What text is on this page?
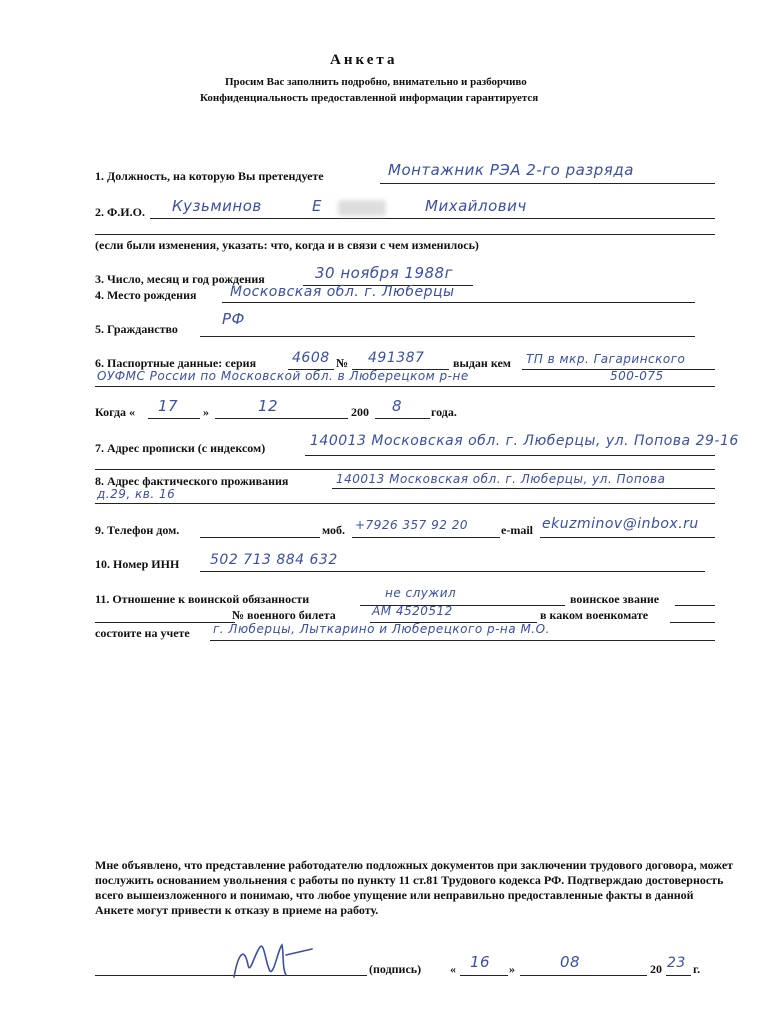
Анкета
Просим Вас заполнить подробно, внимательно и разборчиво
Конфиденциальность предоставленной информации гарантируется
1. Должность, на которую Вы претендуете	Монтажник РЭА 2-го разряда
2. Ф.И.О. Кузьминов	Е	Михайлович
(если были изменения, указать: что, когда и в связи с чем изменилось)
3. Число, месяц и год рождения	30 ноября 1988г
4. Место рождения Московская обл. г. Люберцы
5. Гражданство
РФ
6. Паспортные данные: серия	4608 № 491387 выдан кем ТП в мкр. Гагаринского
ОУФМС России по Московской обл. в Люберецком р-не	500-075
Когда « 17 »	12	200 8 года.
7. Адрес прописки (с индексом)	140013 Московская обл. г. Люберцы, ул. Попова 29-16
8. Адрес фактического проживания	140013 Московская обл. г. Люберцы, ул. Попова
д.29, кв. 16
9. Телефон дом.	моб. +7926 357 92 20	e-mail ekuzminov@inbox.ru
10. Номер ИНН 502 713 884 632
11. Отношение к воинской обязанности	не служил	воинское звание
№ военного билета	АМ 4520512	в каком военкомате
состоите на учете г. Люберцы, Лыткарино и Люберецкого р-на М.О.
Мне объявлено, что представление работодателю подложных документов при заключении трудового договора, может послужить основанием увольнения с работы по пункту 11 ст.81 Трудового кодекса РФ. Подтверждаю достоверность всего вышеизложенного и понимаю, что любое упущение или неправильно предоставленные факты в данной Анкете могут привести к отказу в приеме на работу.
(подпись) « 16 »	08	20 23 г.
